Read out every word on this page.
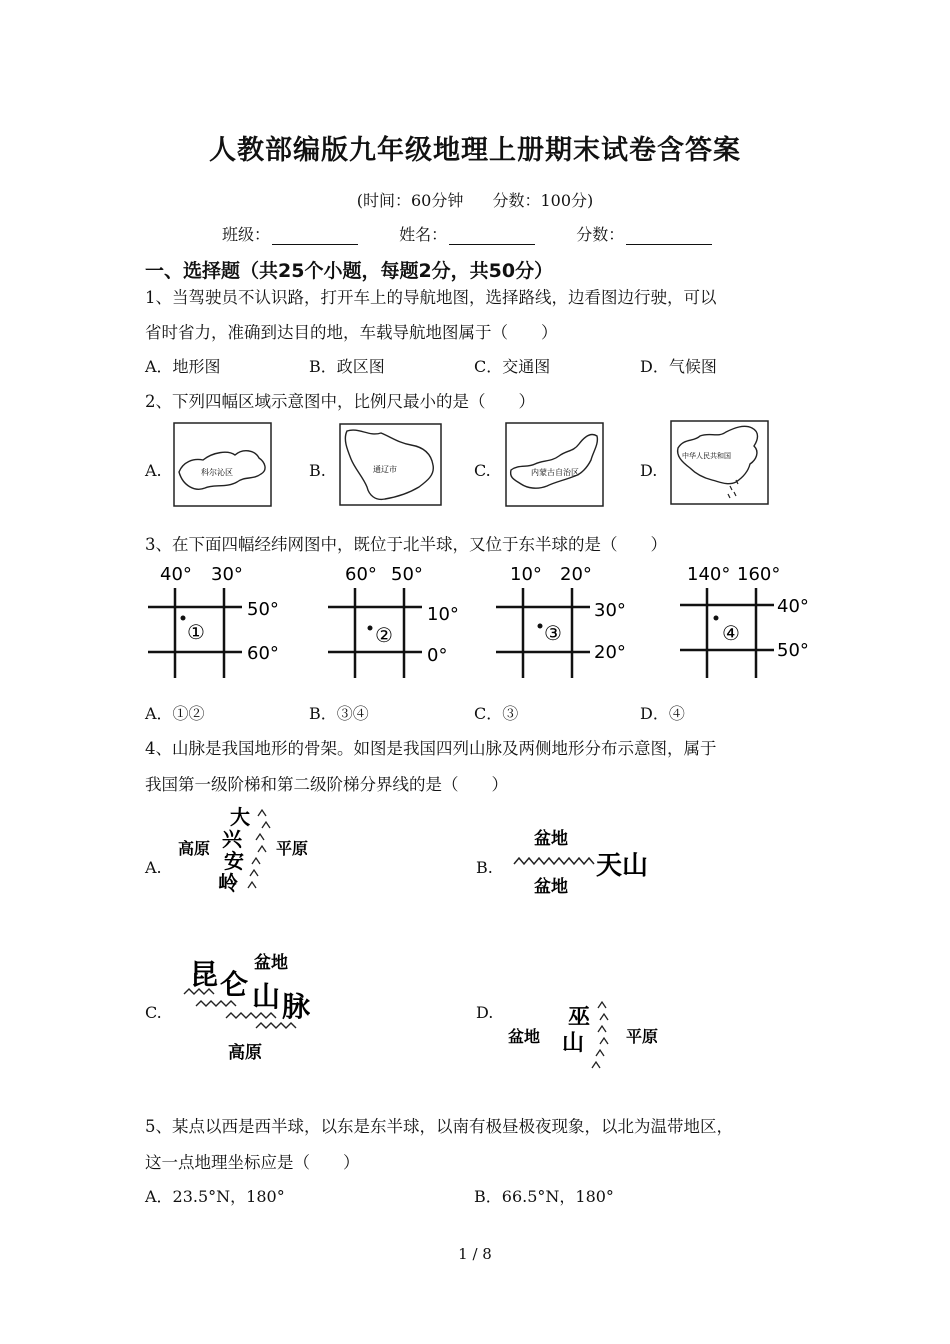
人教部编版九年级地理上册期末试卷含答案
(时间：60分钟 分数：100分)
班级：	姓名：	分数：
一、选择题（共25个小题，每题2分，共50分）
1、当驾驶员不认识路，打开车上的导航地图，选择路线，边看图边行驶，可以
省时省力，准确到达目的地，车载导航地图属于（　　）
A．地形图	B．政区图	C．交通图	D．气候图
2、下列四幅区域示意图中，比例尺最小的是（　　）
A.	科尔沁区	B.	通辽市	C.	内蒙古自治区	D.
中华人民共和国
3、在下面四幅经纬网图中，既位于北半球，又位于东半球的是（　　）
40° 30°
50°
60°
①
60° 50°
10°
0°
②
10° 20°
30°
20°
③
140° 160°
40°
50°
④
A．①②	B．③④	C．③	D．④
4、山脉是我国地形的骨架。如图是我国四列山脉及两侧地形分布示意图，属于
我国第一级阶梯和第二级阶梯分界线的是（　　）
A.
高原	平原
大
兴
安
岭
B.
盆地
盆地
天山
C.
盆地
高原
昆 仑 山 脉	D.
盆地	平原
巫
山
5、某点以西是西半球，以东是东半球，以南有极昼极夜现象，以北为温带地区，
这一点地理坐标应是（　　）
A．23.5°N，180°	B．66.5°N，180°
1 / 8
